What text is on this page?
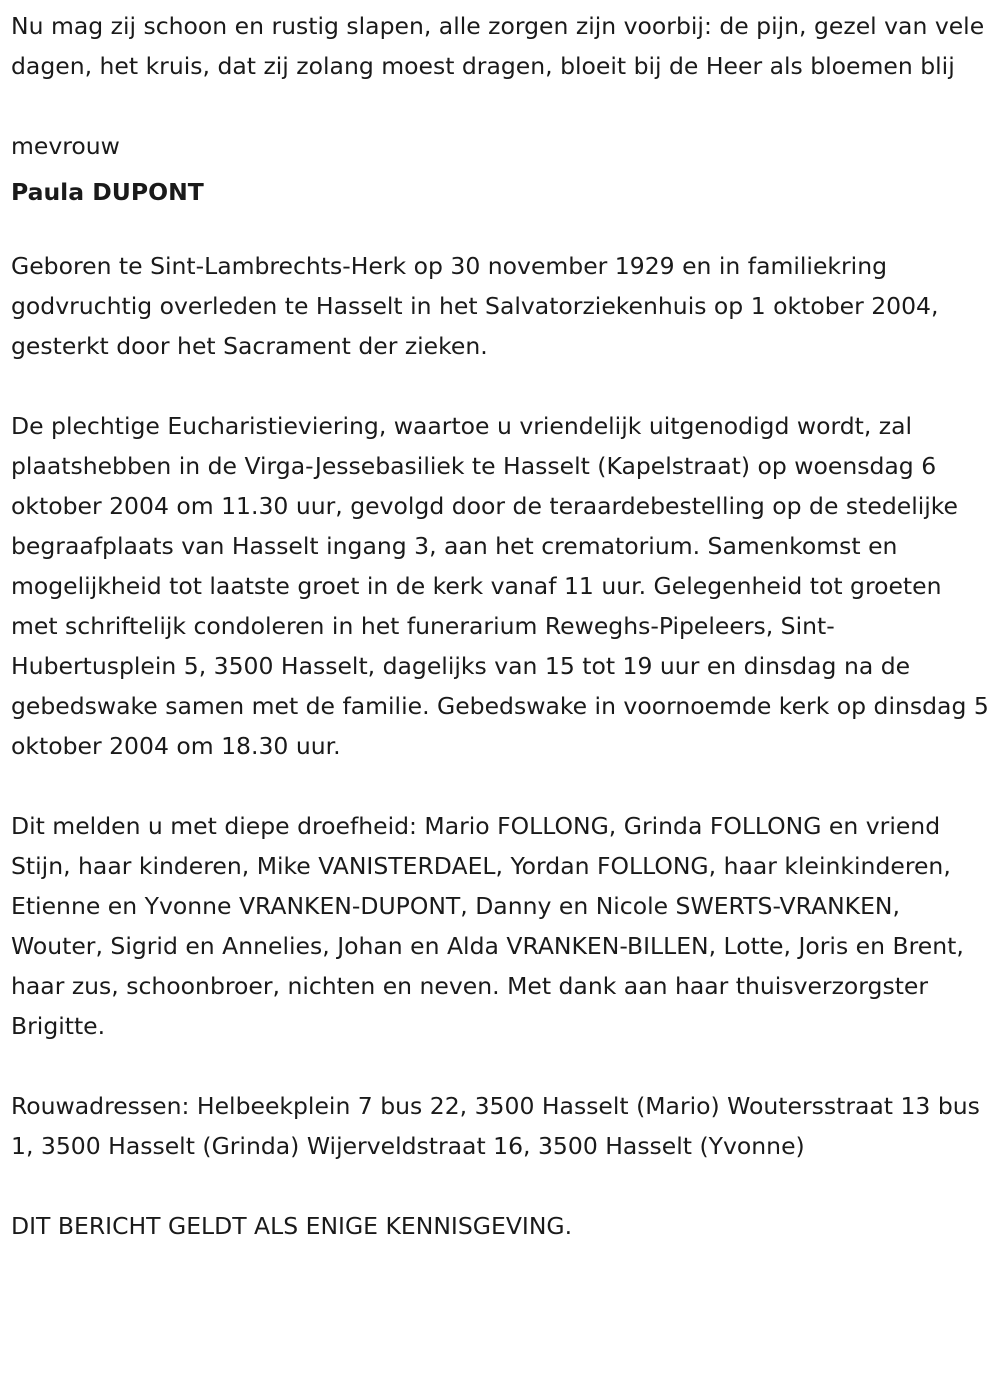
Nu mag zij schoon en rustig slapen, alle zorgen zijn voorbij: de pijn, gezel van vele dagen, het kruis, dat zij zolang moest dragen, bloeit bij de Heer als bloemen blij

mevrouw

Paula DUPONT

Geboren te Sint-Lambrechts-Herk op 30 november 1929 en in familiekring godvruchtig overleden te Hasselt in het Salvatorziekenhuis op 1 oktober 2004, gesterkt door het Sacrament der zieken.

De plechtige Eucharistieviering, waartoe u vriendelijk uitgenodigd wordt, zal plaatshebben in de Virga-Jessebasiliek te Hasselt (Kapelstraat) op woensdag 6 oktober 2004 om 11.30 uur, gevolgd door de teraardebestelling op de stedelijke begraafplaats van Hasselt ingang 3, aan het crematorium. Samenkomst en mogelijkheid tot laatste groet in de kerk vanaf 11 uur. Gelegenheid tot groeten met schriftelijk condoleren in het funerarium Reweghs-Pipeleers, Sint-Hubertusplein 5, 3500 Hasselt, dagelijks van 15 tot 19 uur en dinsdag na de gebedswake samen met de familie. Gebedswake in voornoemde kerk op dinsdag 5 oktober 2004 om 18.30 uur.

Dit melden u met diepe droefheid: Mario FOLLONG, Grinda FOLLONG en vriend Stijn, haar kinderen, Mike VANISTERDAEL, Yordan FOLLONG, haar kleinkinderen, Etienne en Yvonne VRANKEN-DUPONT, Danny en Nicole SWERTS-VRANKEN, Wouter, Sigrid en Annelies, Johan en Alda VRANKEN-BILLEN, Lotte, Joris en Brent, haar zus, schoonbroer, nichten en neven. Met dank aan haar thuisverzorgster Brigitte.

Rouwadressen: Helbeekplein 7 bus 22, 3500 Hasselt (Mario) Woutersstraat 13 bus 1, 3500 Hasselt (Grinda) Wijerveldstraat 16, 3500 Hasselt (Yvonne)

DIT BERICHT GELDT ALS ENIGE KENNISGEVING.
